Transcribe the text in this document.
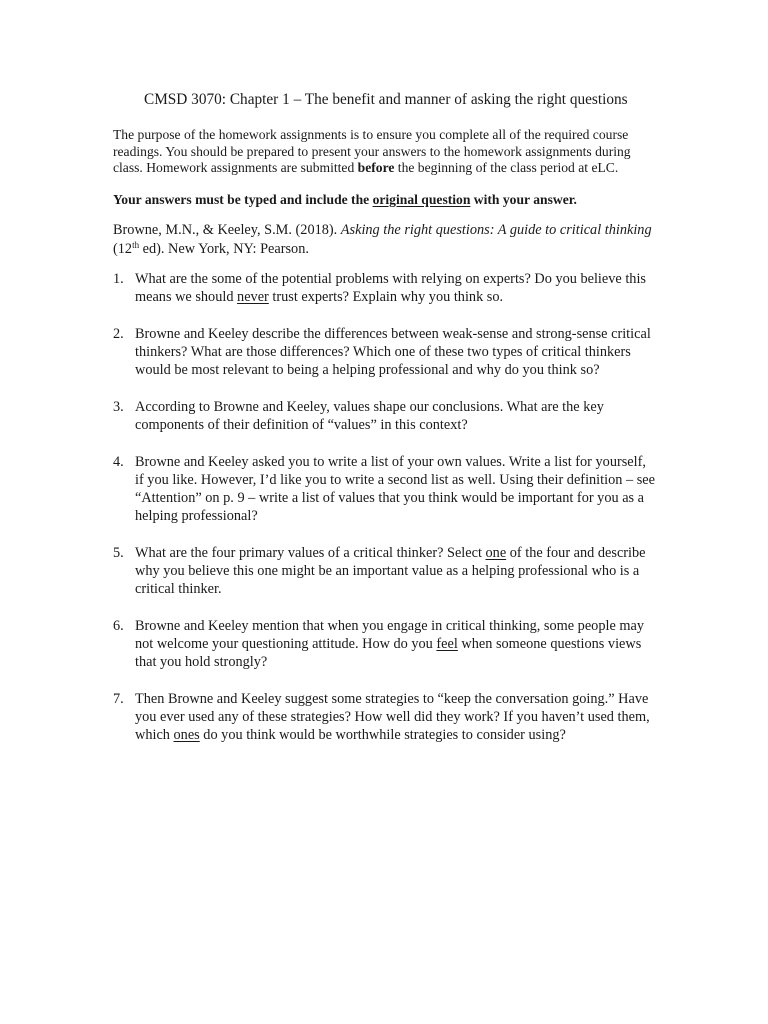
CMSD 3070: Chapter 1 – The benefit and manner of asking the right questions

The purpose of the homework assignments is to ensure you complete all of the required course readings. You should be prepared to present your answers to the homework assignments during class. Homework assignments are submitted before the beginning of the class period at eLC.

Your answers must be typed and include the original question with your answer.

Browne, M.N., & Keeley, S.M. (2018). Asking the right questions: A guide to critical thinking (12th ed). New York, NY: Pearson.

1. What are the some of the potential problems with relying on experts? Do you believe this means we should never trust experts? Explain why you think so.
2. Browne and Keeley describe the differences between weak-sense and strong-sense critical thinkers? What are those differences? Which one of these two types of critical thinkers would be most relevant to being a helping professional and why do you think so?
3. According to Browne and Keeley, values shape our conclusions. What are the key components of their definition of “values” in this context?
4. Browne and Keeley asked you to write a list of your own values. Write a list for yourself, if you like. However, I’d like you to write a second list as well. Using their definition – see “Attention” on p. 9 – write a list of values that you think would be important for you as a helping professional?
5. What are the four primary values of a critical thinker? Select one of the four and describe why you believe this one might be an important value as a helping professional who is a critical thinker.
6. Browne and Keeley mention that when you engage in critical thinking, some people may not welcome your questioning attitude. How do you feel when someone questions views that you hold strongly?
7. Then Browne and Keeley suggest some strategies to “keep the conversation going.” Have you ever used any of these strategies? How well did they work? If you haven’t used them, which ones do you think would be worthwhile strategies to consider using?
